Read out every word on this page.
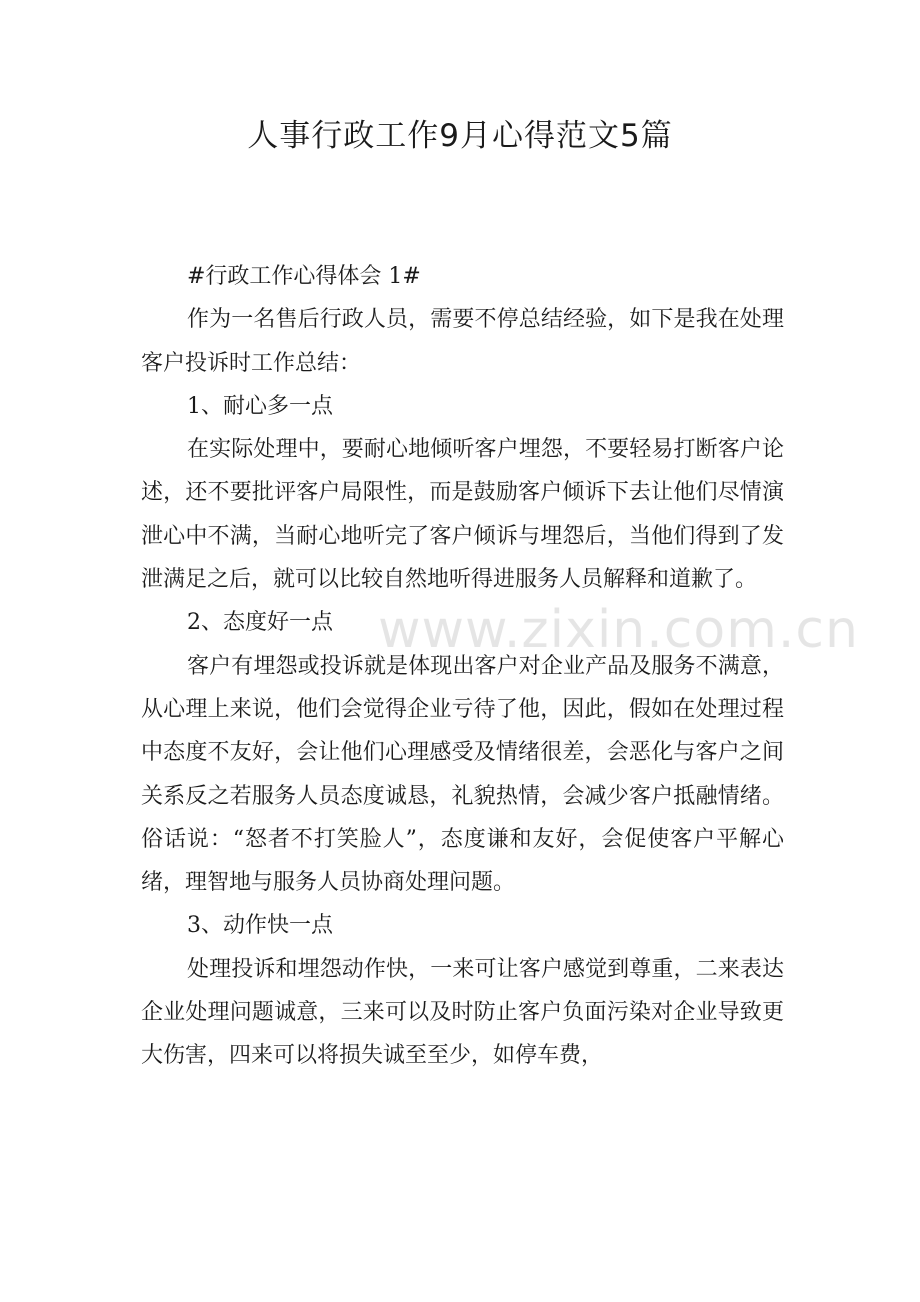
人事行政工作9月心得范文5篇

#行政工作心得体会 1#

作为一名售后行政人员，需要不停总结经验，如下是我在处理客户投诉时工作总结：

1、耐心多一点

在实际处理中，要耐心地倾听客户埋怨，不要轻易打断客户论述，还不要批评客户局限性，而是鼓励客户倾诉下去让他们尽情演泄心中不满，当耐心地听完了客户倾诉与埋怨后，当他们得到了发泄满足之后，就可以比较自然地听得进服务人员解释和道歉了。

2、态度好一点

客户有埋怨或投诉就是体现出客户对企业产品及服务不满意，从心理上来说，他们会觉得企业亏待了他，因此，假如在处理过程中态度不友好，会让他们心理感受及情绪很差，会恶化与客户之间关系反之若服务人员态度诚恳，礼貌热情，会减少客户抵融情绪。俗话说：“怒者不打笑脸人”，态度谦和友好，会促使客户平解心绪，理智地与服务人员协商处理问题。

3、动作快一点

处理投诉和埋怨动作快，一来可让客户感觉到尊重，二来表达企业处理问题诚意，三来可以及时防止客户负面污染对企业导致更大伤害，四来可以将损失诚至至少，如停车费，

www.zixin.com.cn
